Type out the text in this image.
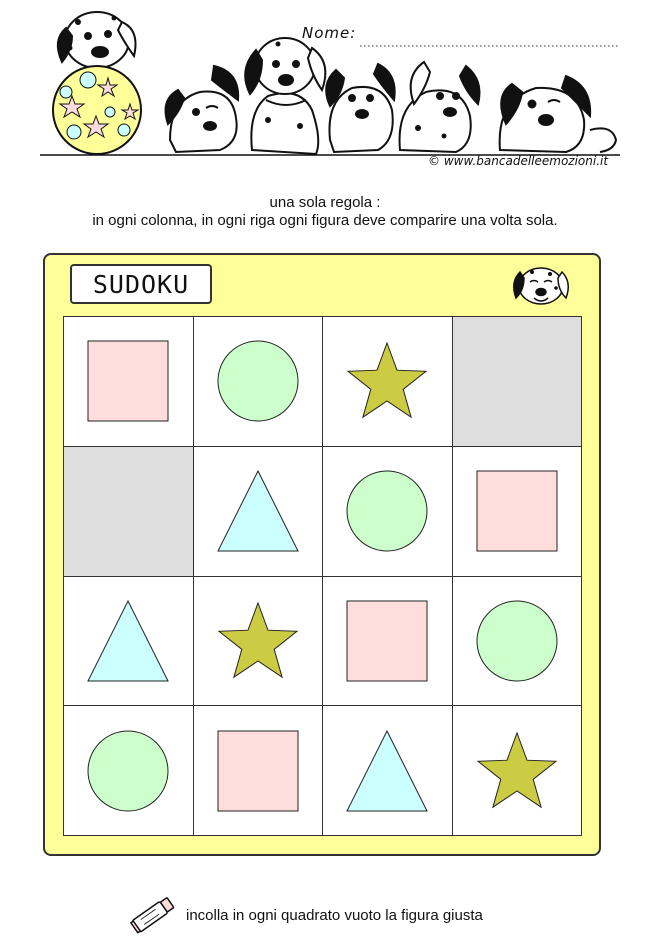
Nome:
© www.bancadelleemozioni.it
una sola regola :
in ogni colonna, in ogni riga ogni figura deve comparire una volta sola.
SUDOKU
incolla in ogni quadrato vuoto la figura giusta
